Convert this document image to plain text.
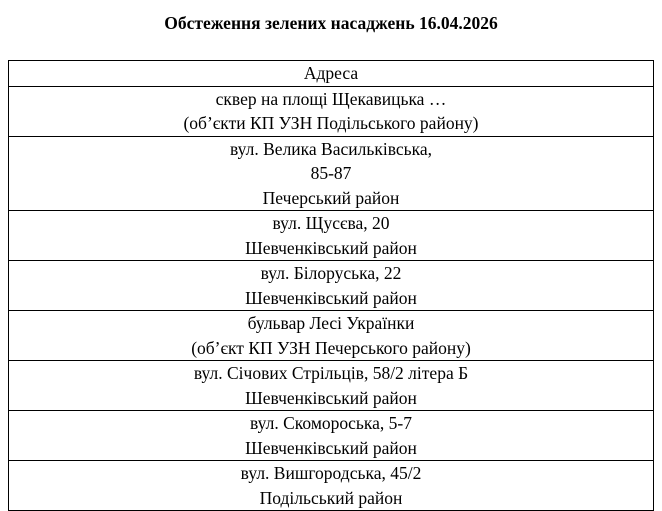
Обстеження зелених насаджень 16.04.2026
Адреса

сквер на площі Щекавицька …
(об’єкти КП УЗН Подільського району)

вул. Велика Васильківська,
85-87
Печерський район

вул. Щусєва, 20
Шевченківський район

вул. Білоруська, 22
Шевченківський район

бульвар Лесі Українки
(об’єкт КП УЗН Печерського району)

вул. Січових Стрільців, 58/2 літера Б
Шевченківський район

вул. Скоморoська, 5-7
Шевченківський район

вул. Вишгородська, 45/2
Подільський район
